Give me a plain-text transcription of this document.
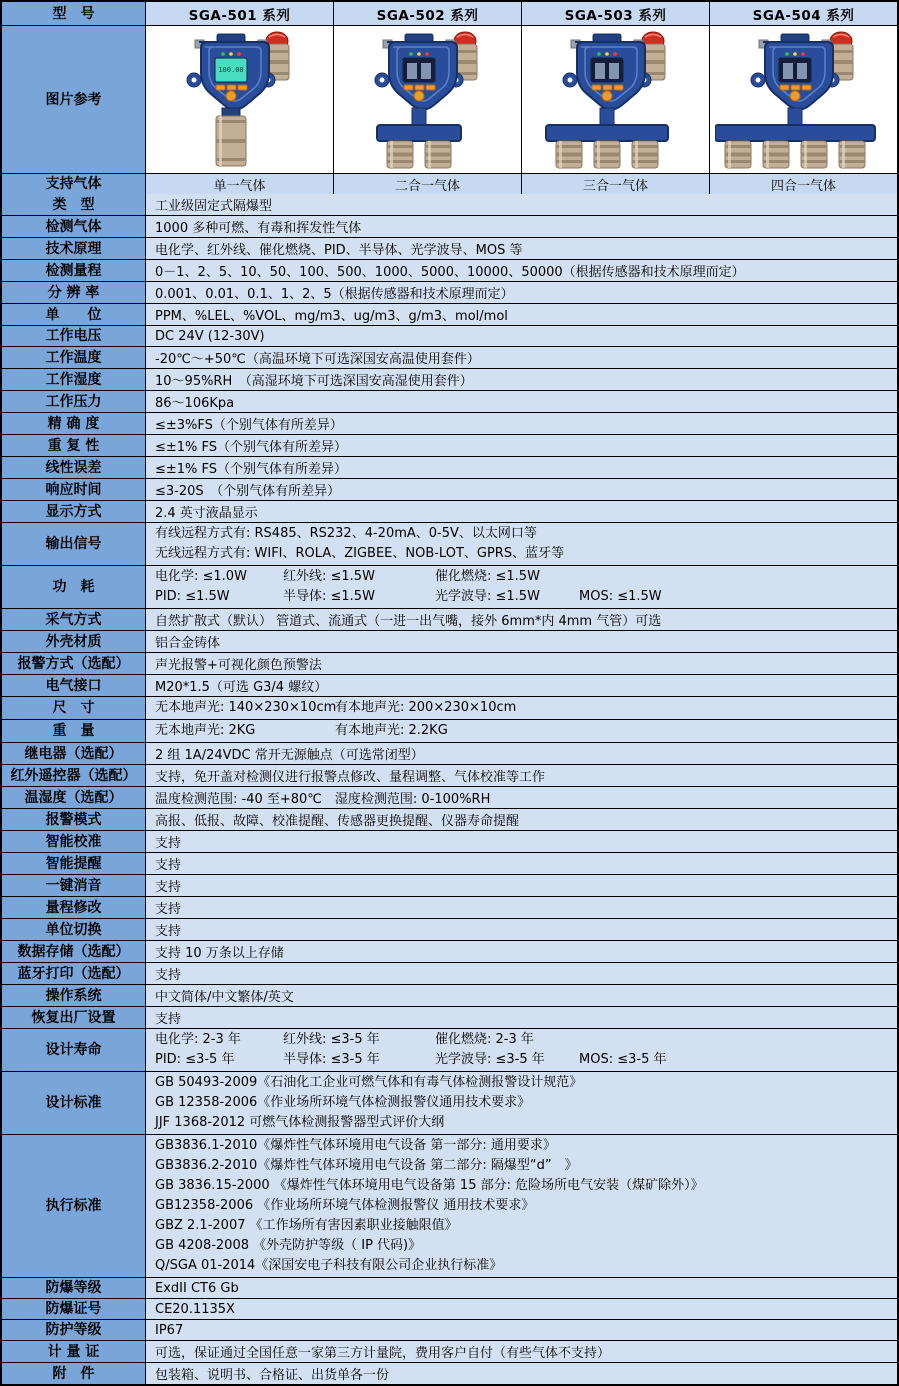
型　号	SGA-501 系列	SGA-502 系列	SGA-503 系列	SGA-504 系列
图片参考
100.00
支持气体	单一气体	二合一气体	三合一气体	四合一气体
类　型	工业级固定式隔爆型
检测气体	1000 多种可燃、有毒和挥发性气体
技术原理	电化学、红外线、催化燃烧、PID、半导体、光学波导、MOS 等
检测量程	0－1、2、5、10、50、100、500、1000、5000、10000、50000（根据传感器和技术原理而定）
分 辨 率	0.001、0.01、0.1、1、2、5（根据传感器和技术原理而定）
单　　位	PPM、%LEL、%VOL、mg/m3、ug/m3、g/m3、mol/mol
工作电压	DC 24V (12-30V)
工作温度	-20℃～+50℃（高温环境下可选深国安高温使用套件）
工作湿度	10～95%RH　（高湿环境下可选深国安高湿使用套件）
工作压力	86～106Kpa
精 确 度	≤±3%FS（个别气体有所差异）
重 复 性	≤±1% FS（个别气体有所差异）
线性误差	≤±1% FS（个别气体有所差异）
响应时间	≤3-20S　（个别气体有所差异）
显示方式	2.4 英寸液晶显示
输出信号
有线远程方式有: RS485、RS232、4-20mA、0-5V、以太网口等
无线远程方式有: WIFI、ROLA、ZIGBEE、NOB-LOT、GPRS、蓝牙等
功　耗
电化学: ≤1.0W	红外线: ≤1.5W	催化燃烧: ≤1.5W
PID: ≤1.5W	半导体: ≤1.5W	光学波导: ≤1.5W	MOS: ≤1.5W
采气方式	自然扩散式（默认） 管道式、流通式（一进一出气嘴，接外 6mm*内 4mm 气管）可选
外壳材质	铝合金铸体
报警方式（选配）	声光报警+可视化颜色预警法
电气接口	M20*1.5（可选 G3/4 螺纹）
尺　寸	无本地声光: 140×230×10cm有本地声光: 200×230×10cm
重　量	无本地声光: 2KG	有本地声光: 2.2KG
继电器（选配）	2 组 1A/24VDC 常开无源触点（可选常闭型）
红外遥控器（选配）	支持，免开盖对检测仪进行报警点修改、量程调整、气体校准等工作
温湿度（选配）	温度检测范围: -40 至+80℃　湿度检测范围: 0-100%RH
报警模式	高报、低报、故障、校准提醒、传感器更换提醒、仪器寿命提醒
智能校准	支持
智能提醒	支持
一键消音	支持
量程修改	支持
单位切换	支持
数据存储（选配）	支持 10 万条以上存储
蓝牙打印（选配）	支持
操作系统	中文简体/中文繁体/英文
恢复出厂设置	支持
设计寿命
电化学: 2-3 年	红外线: ≤3-5 年	催化燃烧: 2-3 年
PID: ≤3-5 年	半导体: ≤3-5 年	光学波导: ≤3-5 年	MOS: ≤3-5 年
设计标准
GB 50493-2009《石油化工企业可燃气体和有毒气体检测报警设计规范》
GB 12358-2006《作业场所环境气体检测报警仪通用技术要求》
JJF 1368-2012 可燃气体检测报警器型式评价大纲
执行标准
GB3836.1-2010《爆炸性气体环境用电气设备 第一部分: 通用要求》
GB3836.2-2010《爆炸性气体环境用电气设备 第二部分: 隔爆型“d”　》
GB 3836.15-2000 《爆炸性气体环境用电气设备第 15 部分: 危险场所电气安装（煤矿除外）》
GB12358-2006 《作业场所环境气体检测报警仪 通用技术要求》
GBZ 2.1-2007 《工作场所有害因素职业接触限值》
GB 4208-2008 《外壳防护等级（ IP 代码)》
Q/SGA 01-2014《深国安电子科技有限公司企业执行标准》
防爆等级	ExdII CT6 Gb
防爆证号	CE20.1135X
防护等级	IP67
计 量 证	可选，保证通过全国任意一家第三方计量院，费用客户自付（有些气体不支持）
附　件	包装箱、说明书、合格证、出货单各一份
